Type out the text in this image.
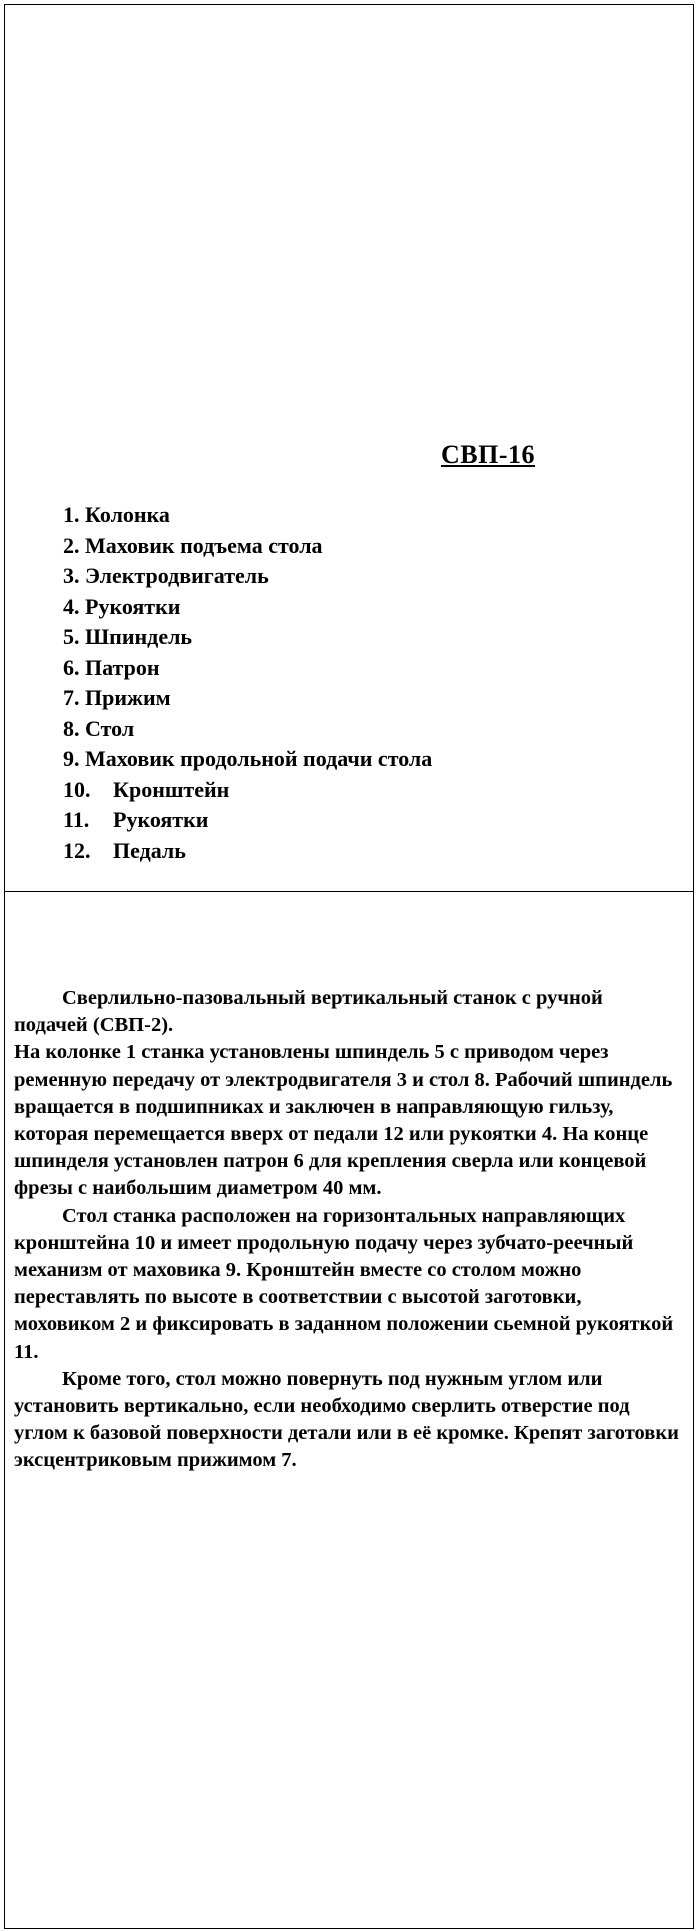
СВП-16
1. Колонка
2. Маховик подъема стола
3. Электродвигатель
4. Рукоятки
5. Шпиндель
6. Патрон
7. Прижим
8. Стол
9. Маховик продольной подачи стола
10.	Кронштейн
11.	Рукоятки
12.	Педаль

Сверлильно-пазовальный вертикальный станок с ручной подачей (СВП-2).

На колонке 1 станка установлены шпиндель 5 с приводом через ременную передачу от электродвигателя 3 и стол 8. Рабочий шпиндель вращается в подшипниках и заключен в направляющую гильзу, которая перемещается вверх от педали 12 или рукоятки 4. На конце шпинделя установлен патрон 6 для крепления сверла или концевой фрезы с наибольшим диаметром 40 мм.

Стол станка расположен на горизонтальных направляющих кронштейна 10 и имеет продольную подачу через зубчато-реечный механизм от маховика 9. Кронштейн вместе со столом можно переставлять по высоте в соответствии с высотой заготовки, моховиком 2 и фиксировать в заданном положении сьемной рукояткой 11.

Кроме того, стол можно повернуть под нужным углом или установить вертикально, если необходимо сверлить отверстие под углом к базовой поверхности детали или в её кромке. Крепят заготовки эксцентриковым прижимом 7.
